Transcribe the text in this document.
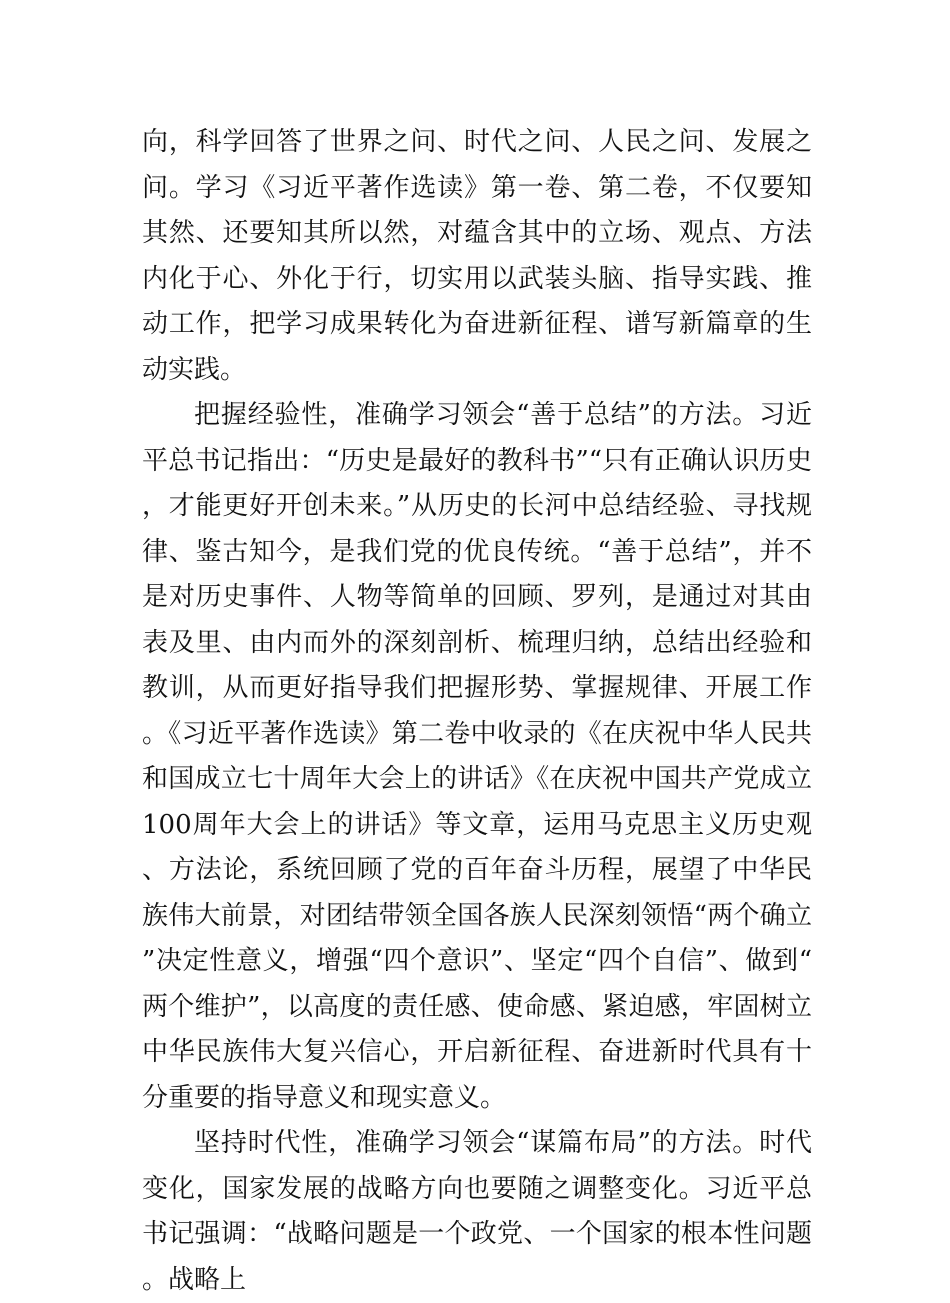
向，科学回答了世界之问、时代之问、人民之问、发展之问。学习《习近平著作选读》第一卷、第二卷，不仅要知其然、还要知其所以然，对蕴含其中的立场、观点、方法内化于心、外化于行，切实用以武装头脑、指导实践、推动工作，把学习成果转化为奋进新征程、谱写新篇章的生动实践。

把握经验性，准确学习领会“善于总结”的方法。习近平总书记指出：“历史是最好的教科书”“只有正确认识历史，才能更好开创未来。”从历史的长河中总结经验、寻找规律、鉴古知今，是我们党的优良传统。“善于总结”，并不是对历史事件、人物等简单的回顾、罗列，是通过对其由表及里、由内而外的深刻剖析、梳理归纳，总结出经验和教训，从而更好指导我们把握形势、掌握规律、开展工作。《习近平著作选读》第二卷中收录的《在庆祝中华人民共和国成立七十周年大会上的讲话》《在庆祝中国共产党成立100周年大会上的讲话》等文章，运用马克思主义历史观、方法论，系统回顾了党的百年奋斗历程，展望了中华民族伟大前景，对团结带领全国各族人民深刻领悟“两个确立”决定性意义，增强“四个意识”、坚定“四个自信”、做到“两个维护”，以高度的责任感、使命感、紧迫感，牢固树立中华民族伟大复兴信心，开启新征程、奋进新时代具有十分重要的指导意义和现实意义。

坚持时代性，准确学习领会“谋篇布局”的方法。时代变化，国家发展的战略方向也要随之调整变化。习近平总书记强调：“战略问题是一个政党、一个国家的根本性问题。战略上
